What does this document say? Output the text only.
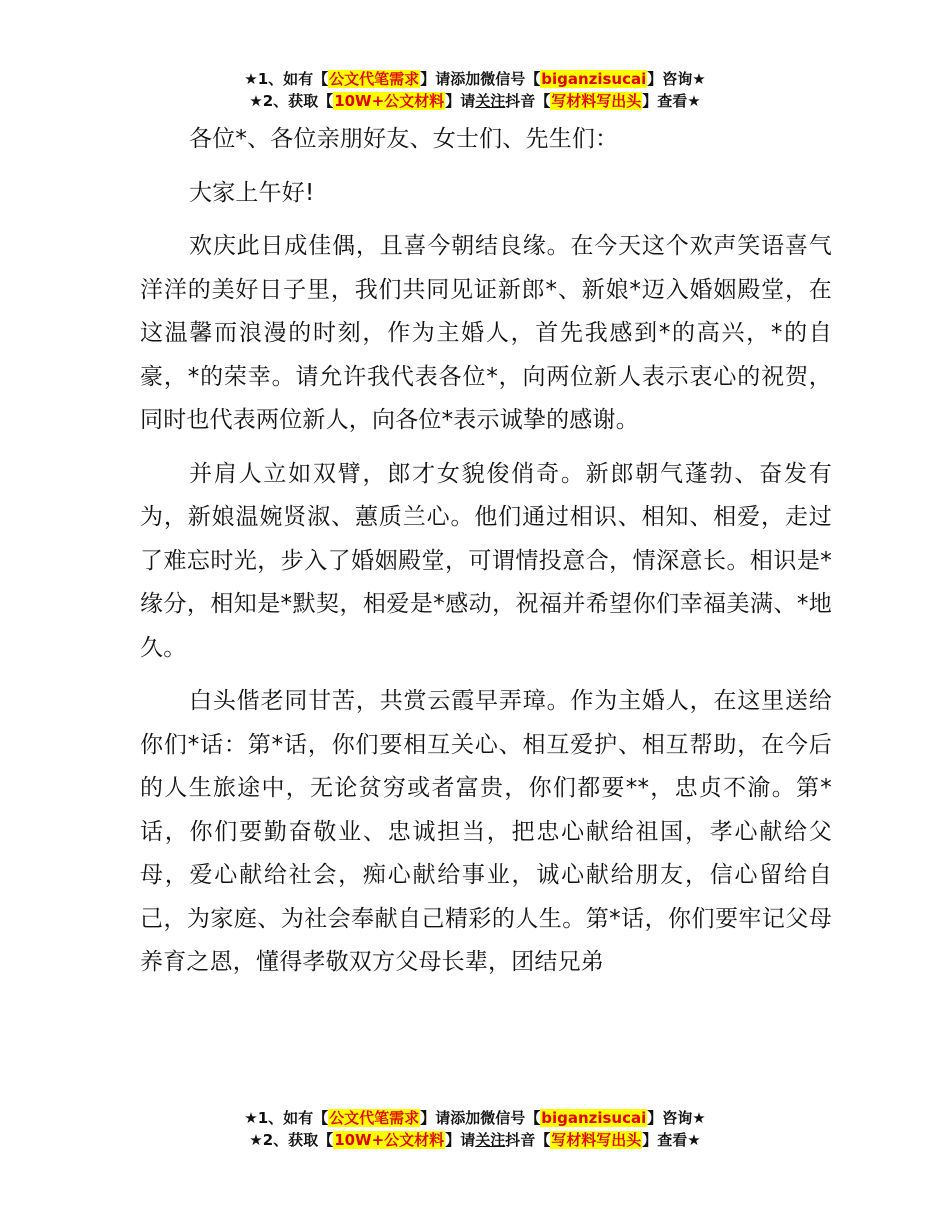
★1、如有【公文代笔需求】请添加微信号【biganzisucai】咨询★
★2、获取【10W+公文材料】请关注抖音【写材料写出头】查看★

各位*、各位亲朋好友、女士们、先生们：

大家上午好!

欢庆此日成佳偶，且喜今朝结良缘。在今天这个欢声笑语喜气洋洋的美好日子里，我们共同见证新郎*、新娘*迈入婚姻殿堂，在这温馨而浪漫的时刻，作为主婚人，首先我感到*的高兴，*的自豪，*的荣幸。请允许我代表各位*，向两位新人表示衷心的祝贺，同时也代表两位新人，向各位*表示诚挚的感谢。

并肩人立如双臂，郎才女貌俊俏奇。新郎朝气蓬勃、奋发有为，新娘温婉贤淑、蕙质兰心。他们通过相识、相知、相爱，走过了难忘时光，步入了婚姻殿堂，可谓情投意合，情深意长。相识是*缘分，相知是*默契，相爱是*感动，祝福并希望你们幸福美满、*地久。

白头偕老同甘苦，共赏云霞早弄璋。作为主婚人，在这里送给你们*话：第*话，你们要相互关心、相互爱护、相互帮助，在今后的人生旅途中，无论贫穷或者富贵，你们都要**，忠贞不渝。第*话，你们要勤奋敬业、忠诚担当，把忠心献给祖国，孝心献给父母，爱心献给社会，痴心献给事业，诚心献给朋友，信心留给自己，为家庭、为社会奉献自己精彩的人生。第*话，你们要牢记父母养育之恩，懂得孝敬双方父母长辈，团结兄弟

★1、如有【公文代笔需求】请添加微信号【biganzisucai】咨询★
★2、获取【10W+公文材料】请关注抖音【写材料写出头】查看★
